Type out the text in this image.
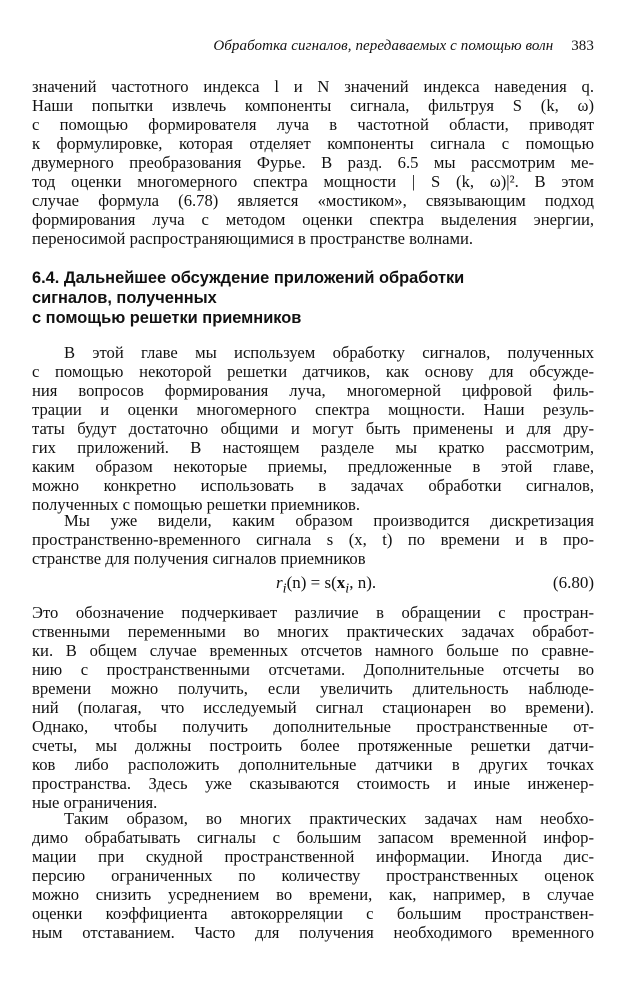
Обработка сигналов, передаваемых с помощью волн 383
значений частотного индекса l и N значений индекса наведения q.
Наши попытки извлечь компоненты сигнала, фильтруя S (k, ω)
с помощью формирователя луча в частотной области, приводят
к формулировке, которая отделяет компоненты сигнала с помощью
двумерного преобразования Фурье. В разд. 6.5 мы рассмотрим ме-
тод оценки многомерного спектра мощности | S (k, ω)|². В этом
случае формула (6.78) является «мостиком», связывающим подход
формирования луча с методом оценки спектра выделения энергии,
переносимой распространяющимися в пространстве волнами.
6.4. Дальнейшее обсуждение приложений обработки
сигналов, полученных
с помощью решетки приемников
В этой главе мы используем обработку сигналов, полученных
с помощью некоторой решетки датчиков, как основу для обсужде-
ния вопросов формирования луча, многомерной цифровой филь-
трации и оценки многомерного спектра мощности. Наши резуль-
таты будут достаточно общими и могут быть применены и для дру-
гих приложений. В настоящем разделе мы кратко рассмотрим,
каким образом некоторые приемы, предложенные в этой главе,
можно конкретно использовать в задачах обработки сигналов,
полученных с помощью решетки приемников.
Мы уже видели, каким образом производится дискретизация
пространственно-временного сигнала s (x, t) по времени и в про-
странстве для получения сигналов приемников
$r_i(n) = s(x_i$, n).	(6.80)
Это обозначение подчеркивает различие в обращении с простран-
ственными переменными во многих практических задачах обработ-
ки. В общем случае временных отсчетов намного больше по сравне-
нию с пространственными отсчетами. Дополнительные отсчеты во
времени можно получить, если увеличить длительность наблюде-
ний (полагая, что исследуемый сигнал стационарен во времени).
Однако, чтобы получить дополнительные пространственные от-
счеты, мы должны построить более протяженные решетки датчи-
ков либо расположить дополнительные датчики в других точках
пространства. Здесь уже сказываются стоимость и иные инженер-
ные ограничения.
Таким образом, во многих практических задачах нам необхо-
димо обрабатывать сигналы с большим запасом временной инфор-
мации при скудной пространственной информации. Иногда дис-
персию ограниченных по количеству пространственных оценок
можно снизить усреднением во времени, как, например, в случае
оценки коэффициента автокорреляции с большим пространствен-
ным отставанием. Часто для получения необходимого временного
